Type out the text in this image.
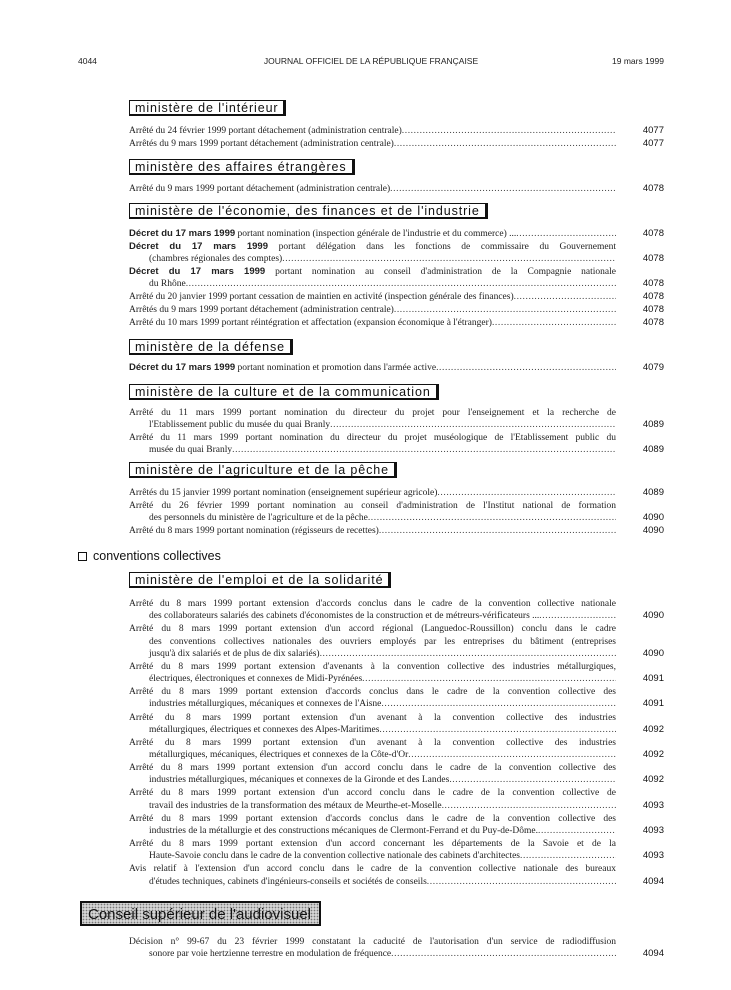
4044	JOURNAL OFFICIEL DE LA RÉPUBLIQUE FRANÇAISE	19 mars 1999
ministère de l'intérieur
Arrêté du 24 février 1999 portant détachement (administration centrale) .....	4077
Arrêtés du 9 mars 1999 portant détachement (administration centrale) .....	4077
ministère des affaires étrangères
Arrêté du 9 mars 1999 portant détachement (administration centrale) .....	4078
ministère de l'économie, des finances et de l'industrie
Décret du 17 mars 1999 portant nomination (inspection générale de l'industrie et du commerce) ... .....	4078
Décret du 17 mars 1999 portant délégation dans les fonctions de commissaire du Gouvernement
(chambres régionales des comptes) .....	4078
Décret du 17 mars 1999 portant nomination au conseil d'administration de la Compagnie nationale
du Rhône .....	4078
Arrêté du 20 janvier 1999 portant cessation de maintien en activité (inspection générale des finances) .....	4078
Arrêtés du 9 mars 1999 portant détachement (administration centrale) .....	4078
Arrêté du 10 mars 1999 portant réintégration et affectation (expansion économique à l'étranger) .....	4078
ministère de la défense
Décret du 17 mars 1999 portant nomination et promotion dans l'armée active .....	4079
ministère de la culture et de la communication
Arrêté du 11 mars 1999 portant nomination du directeur du projet pour l'enseignement et la recherche de
l'Etablissement public du musée du quai Branly .....	4089
Arrêté du 11 mars 1999 portant nomination du directeur du projet muséologique de l'Etablissement public du
musée du quai Branly .....	4089
ministère de l'agriculture et de la pêche
Arrêtés du 15 janvier 1999 portant nomination (enseignement supérieur agricole) .....	4089
Arrêté du 26 février 1999 portant nomination au conseil d'administration de l'Institut national de formation
des personnels du ministère de l'agriculture et de la pêche .....	4090
Arrêté du 8 mars 1999 portant nomination (régisseurs de recettes) .....	4090
ministère de l'emploi et de la solidarité
Arrêté du 8 mars 1999 portant extension d'accords conclus dans le cadre de la convention collective nationale
des collaborateurs salariés des cabinets d'économistes de la construction et de métreurs-vérificateurs ... .....	4090
Arrêté du 8 mars 1999 portant extension d'un accord régional (Languedoc-Roussillon) conclu dans le cadre
des conventions collectives nationales des ouvriers employés par les entreprises du bâtiment (entreprises
jusqu'à dix salariés et de plus de dix salariés) .....	4090
Arrêté du 8 mars 1999 portant extension d'avenants à la convention collective des industries métallurgiques,
électriques, électroniques et connexes de Midi-Pyrénées .....	4091
Arrêté du 8 mars 1999 portant extension d'accords conclus dans le cadre de la convention collective des
industries métallurgiques, mécaniques et connexes de l'Aisne .....	4091
Arrêté du 8 mars 1999 portant extension d'un avenant à la convention collective des industries
métallurgiques, électriques et connexes des Alpes-Maritimes .....	4092
Arrêté du 8 mars 1999 portant extension d'un avenant à la convention collective des industries
métallurgiques, mécaniques, électriques et connexes de la Côte-d'Or .....	4092
Arrêté du 8 mars 1999 portant extension d'un accord conclu dans le cadre de la convention collective des
industries métallurgiques, mécaniques et connexes de la Gironde et des Landes .....	4092
Arrêté du 8 mars 1999 portant extension d'un accord conclu dans le cadre de la convention collective de
travail des industries de la transformation des métaux de Meurthe-et-Moselle .....	4093
Arrêté du 8 mars 1999 portant extension d'accords conclus dans le cadre de la convention collective des
industries de la métallurgie et des constructions mécaniques de Clermont-Ferrand et du Puy-de-Dôme. .....	4093
Arrêté du 8 mars 1999 portant extension d'un accord concernant les départements de la Savoie et de la
Haute-Savoie conclu dans le cadre de la convention collective nationale des cabinets d'architectes .....	4093
Avis relatif à l'extension d'un accord conclu dans le cadre de la convention collective nationale des bureaux
d'études techniques, cabinets d'ingénieurs-conseils et sociétés de conseils .....	4094
Décision n° 99-67 du 23 février 1999 constatant la caducité de l'autorisation d'un service de radiodiffusion
sonore par voie hertzienne terrestre en modulation de fréquence .....	4094
conventions collectives
Conseil supérieur de l'audiovisuel
